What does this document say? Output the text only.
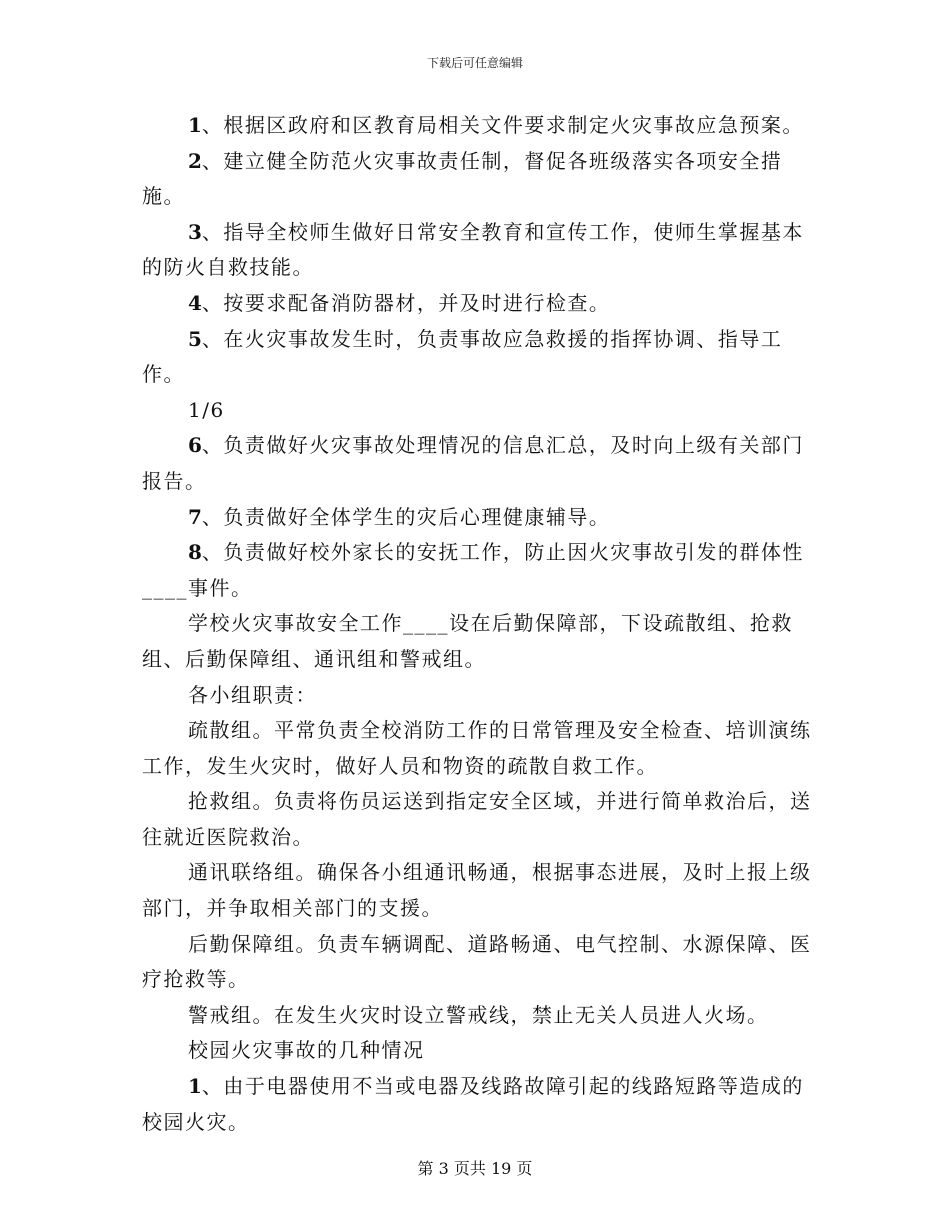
下载后可任意编辑

1、根据区政府和区教育局相关文件要求制定火灾事故应急预案。

2、建立健全防范火灾事故责任制，督促各班级落实各项安全措施。

3、指导全校师生做好日常安全教育和宣传工作，使师生掌握基本的防火自救技能。

4、按要求配备消防器材，并及时进行检查。

5、在火灾事故发生时，负责事故应急救援的指挥协调、指导工作。

1/6

6、负责做好火灾事故处理情况的信息汇总，及时向上级有关部门报告。

7、负责做好全体学生的灾后心理健康辅导。

8、负责做好校外家长的安抚工作，防止因火灾事故引发的群体性____事件。

学校火灾事故安全工作____设在后勤保障部，下设疏散组、抢救组、后勤保障组、通讯组和警戒组。

各小组职责：

疏散组。平常负责全校消防工作的日常管理及安全检查、培训演练工作，发生火灾时，做好人员和物资的疏散自救工作。

抢救组。负责将伤员运送到指定安全区域，并进行简单救治后，送往就近医院救治。

通讯联络组。确保各小组通讯畅通，根据事态进展，及时上报上级部门，并争取相关部门的支援。

后勤保障组。负责车辆调配、道路畅通、电气控制、水源保障、医疗抢救等。

警戒组。在发生火灾时设立警戒线，禁止无关人员进人火场。

校园火灾事故的几种情况

1、由于电器使用不当或电器及线路故障引起的线路短路等造成的校园火灾。

第 3 页共 19 页
